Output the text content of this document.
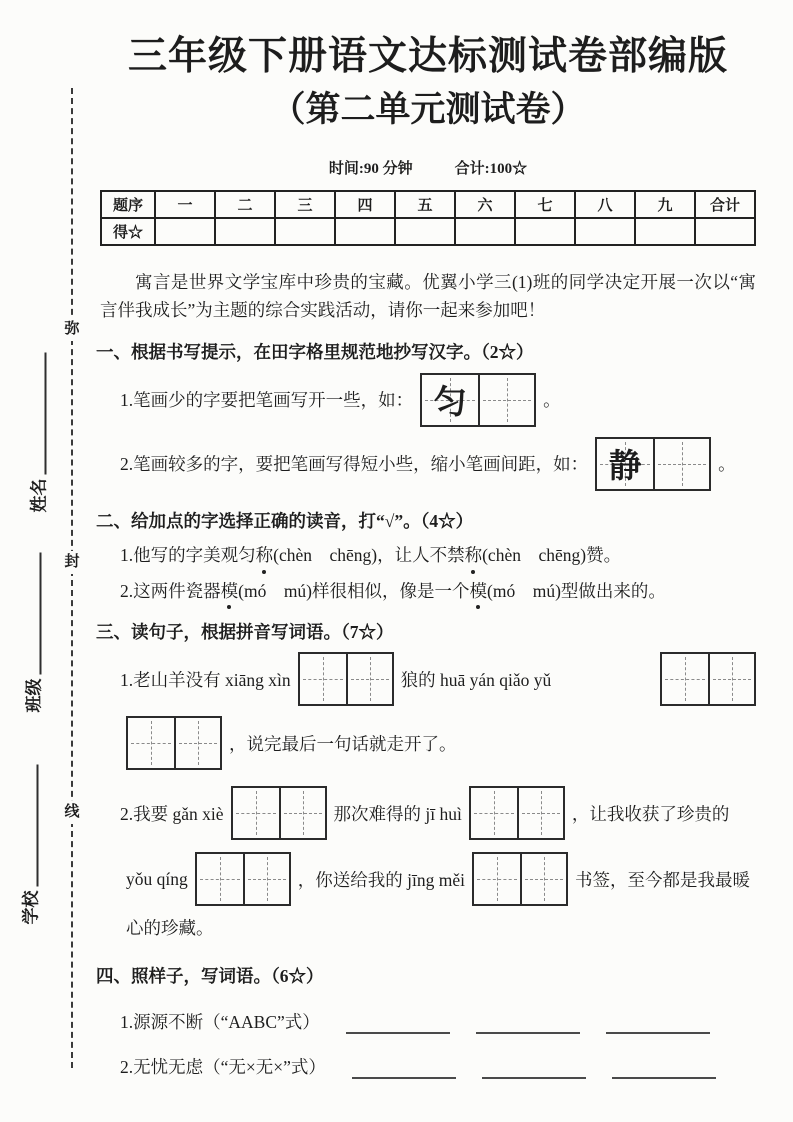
弥
封
线
姓名
班级
学校
三年级下册语文达标测试卷部编版
（第二单元测试卷）
时间:90 分钟	合计:100☆
题序	一	二	三	四	五	六	七	八	九	合计
得☆										

寓言是世界文学宝库中珍贵的宝藏。优翼小学三(1)班的同学决定开展一次以“寓言伴我成长”为主题的综合实践活动，请你一起来参加吧！

一、根据书写提示，在田字格里规范地抄写汉字。（2☆）
1.笔画少的字要把笔画写开一些，如： 匀	。
2.笔画较多的字，要把笔画写得短小些，缩小笔画间距，如： 静	。
二、给加点的字选择正确的读音，打“√”。（4☆）

1.他写的字美观匀称(chèn　chēng)，让人不禁称(chèn　chēng)赞。

2.这两件瓷器模(mó　mú)样很相似，像是一个模(mó　mú)型做出来的。

三、读句子，根据拼音写词语。（7☆）
1.老山羊没有 xiāng xìn	狼的 huā yán qiǎo yǔ
，说完最后一句话就走开了。
2.我要 gǎn xiè	那次难得的 jī huì	，让我收获了珍贵的
yǒu qíng	，你送给我的 jīng měi	书签，至今都是我最暖

心的珍藏。

四、照样子，写词语。（6☆）
1.源源不断（“AABC”式）
2.无忧无虑（“无×无×”式）
